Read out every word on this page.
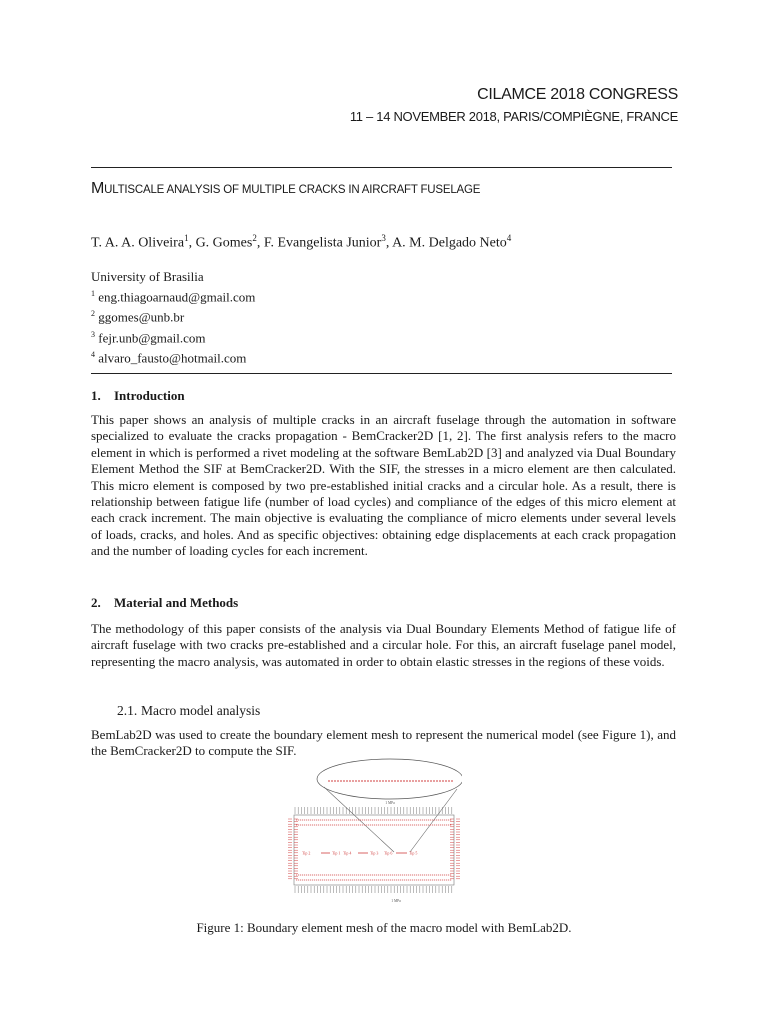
CILAMCE 2018 CONGRESS
11 – 14 NOVEMBER 2018, PARIS/COMPIÈGNE, FRANCE
MULTISCALE ANALYSIS OF MULTIPLE CRACKS IN AIRCRAFT FUSELAGE
T. A. A. Oliveira$^1$, G. Gomes$^2$, F. Evangelista Junior$^3$, A. M. Delgado Neto$^4$
University of Brasilia
$^1$ eng.thiagoarnaud@gmail.com
$^2$ ggomes@unb.br
$^3$ fejr.unb@gmail.com
$^4$ alvaro_fausto@hotmail.com
1. Introduction

This paper shows an analysis of multiple cracks in an aircraft fuselage through the automation in software specialized to evaluate the cracks propagation - BemCracker2D [1, 2]. The first analysis refers to the macro element in which is performed a rivet modeling at the software BemLab2D [3] and analyzed via Dual Boundary Element Method the SIF at BemCracker2D. With the SIF, the stresses in a micro element are then calculated. This micro element is composed by two pre-established initial cracks and a circular hole. As a result, there is relationship between fatigue life (number of load cycles) and compliance of the edges of this micro element at each crack increment. The main objective is evaluating the compliance of micro elements under several levels of loads, cracks, and holes. And as specific objectives: obtaining edge displacements at each crack propagation and the number of loading cycles for each increment.

2. Material and Methods

The methodology of this paper consists of the analysis via Dual Boundary Elements Method of fatigue life of aircraft fuselage with two cracks pre-established and a circular hole. For this, an aircraft fuselage panel model, representing the macro analysis, was automated in order to obtain elastic stresses in the regions of these voids.

2.1. Macro model analysis

BemLab2D was used to create the boundary element mesh to represent the numerical model (see Figure 1), and the BemCracker2D to compute the SIF.

1 MPa
1 MPa
Tip 2	Tip 1 Tip 4	Tip 3 Tip 6	Tip 5
Figure 1: Boundary element mesh of the macro model with BemLab2D.
